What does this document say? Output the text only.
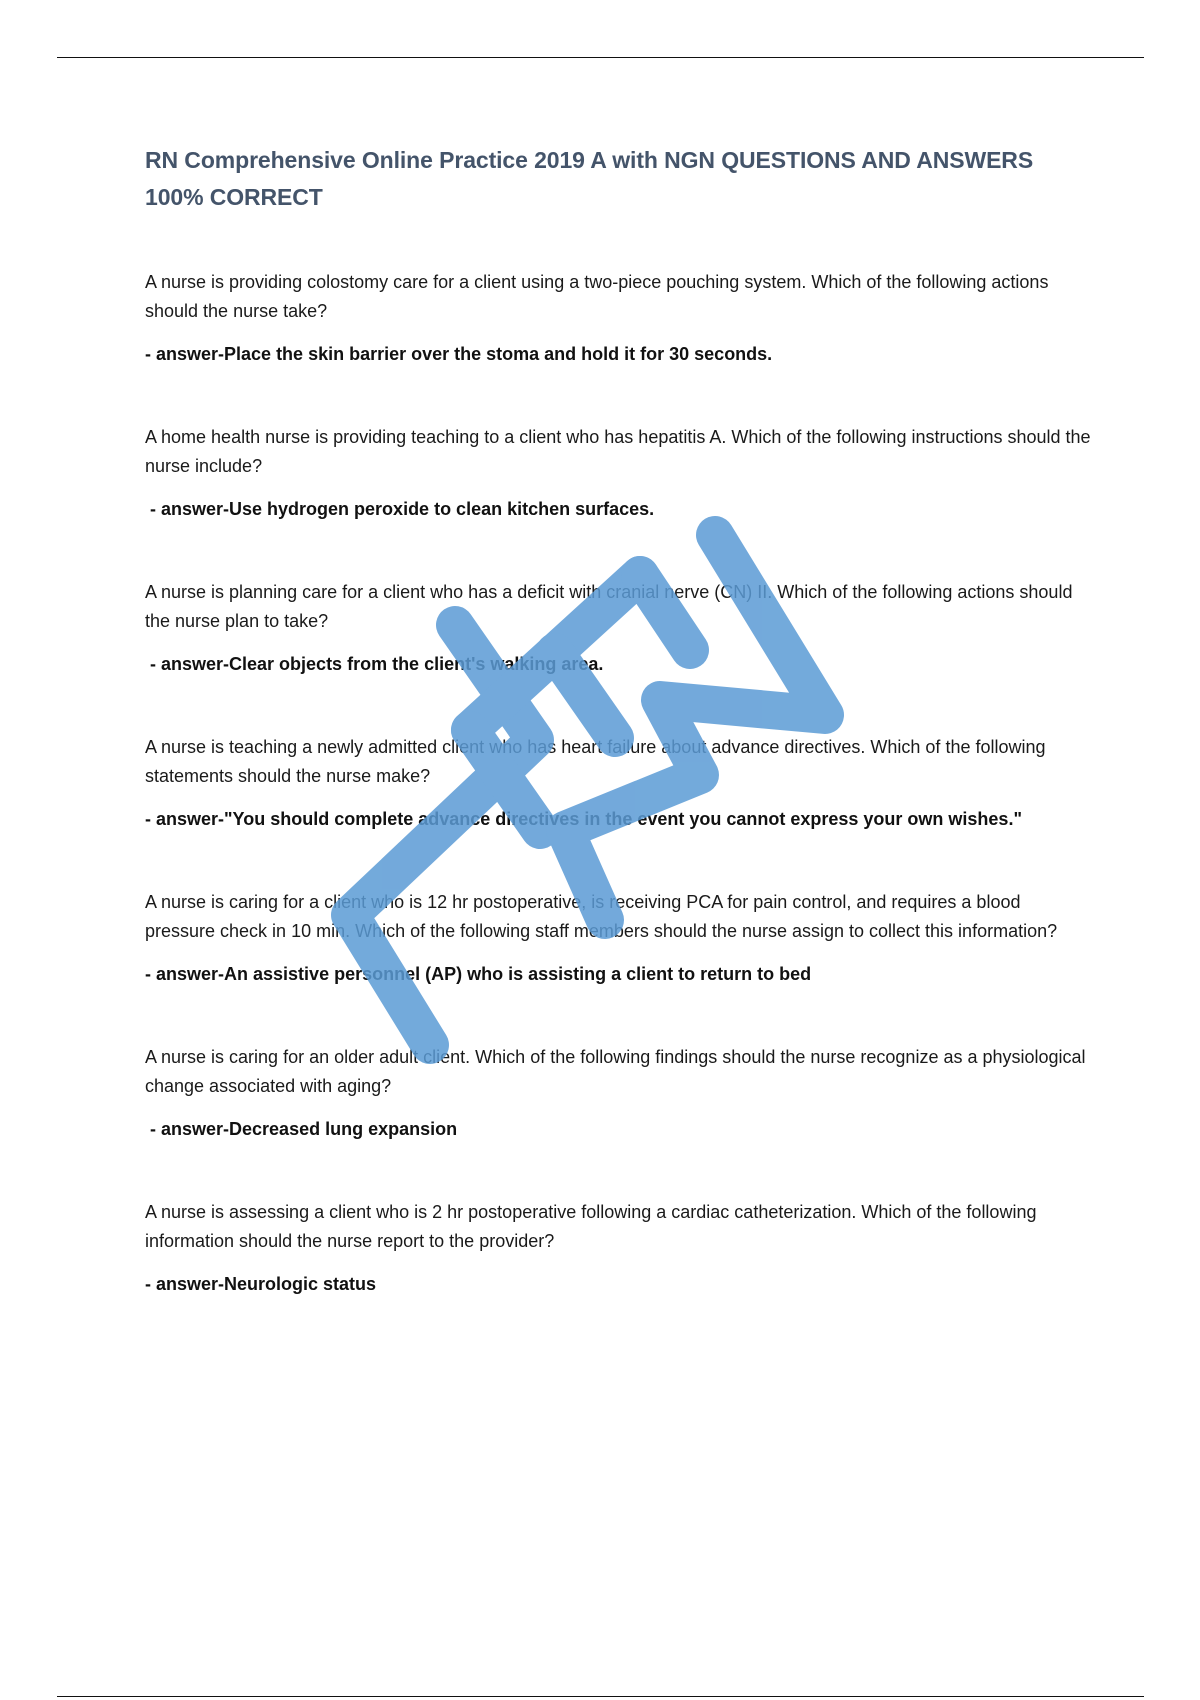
RN Comprehensive Online Practice 2019 A with NGN QUESTIONS AND ANSWERS 100% CORRECT

A nurse is providing colostomy care for a client using a two-piece pouching system. Which of the following actions should the nurse take?

- answer-Place the skin barrier over the stoma and hold it for 30 seconds.

A home health nurse is providing teaching to a client who has hepatitis A. Which of the following instructions should the nurse include?

- answer-Use hydrogen peroxide to clean kitchen surfaces.

A nurse is planning care for a client who has a deficit with cranial nerve (CN) II. Which of the following actions should the nurse plan to take?

- answer-Clear objects from the client's walking area.

A nurse is teaching a newly admitted client who has heart failure about advance directives. Which of the following statements should the nurse make?

- answer-"You should complete advance directives in the event you cannot express your own wishes."

A nurse is caring for a client who is 12 hr postoperative, is receiving PCA for pain control, and requires a blood pressure check in 10 min. Which of the following staff members should the nurse assign to collect this information?

- answer-An assistive personnel (AP) who is assisting a client to return to bed

A nurse is caring for an older adult client. Which of the following findings should the nurse recognize as a physiological change associated with aging?

- answer-Decreased lung expansion

A nurse is assessing a client who is 2 hr postoperative following a cardiac catheterization. Which of the following information should the nurse report to the provider?

- answer-Neurologic status
